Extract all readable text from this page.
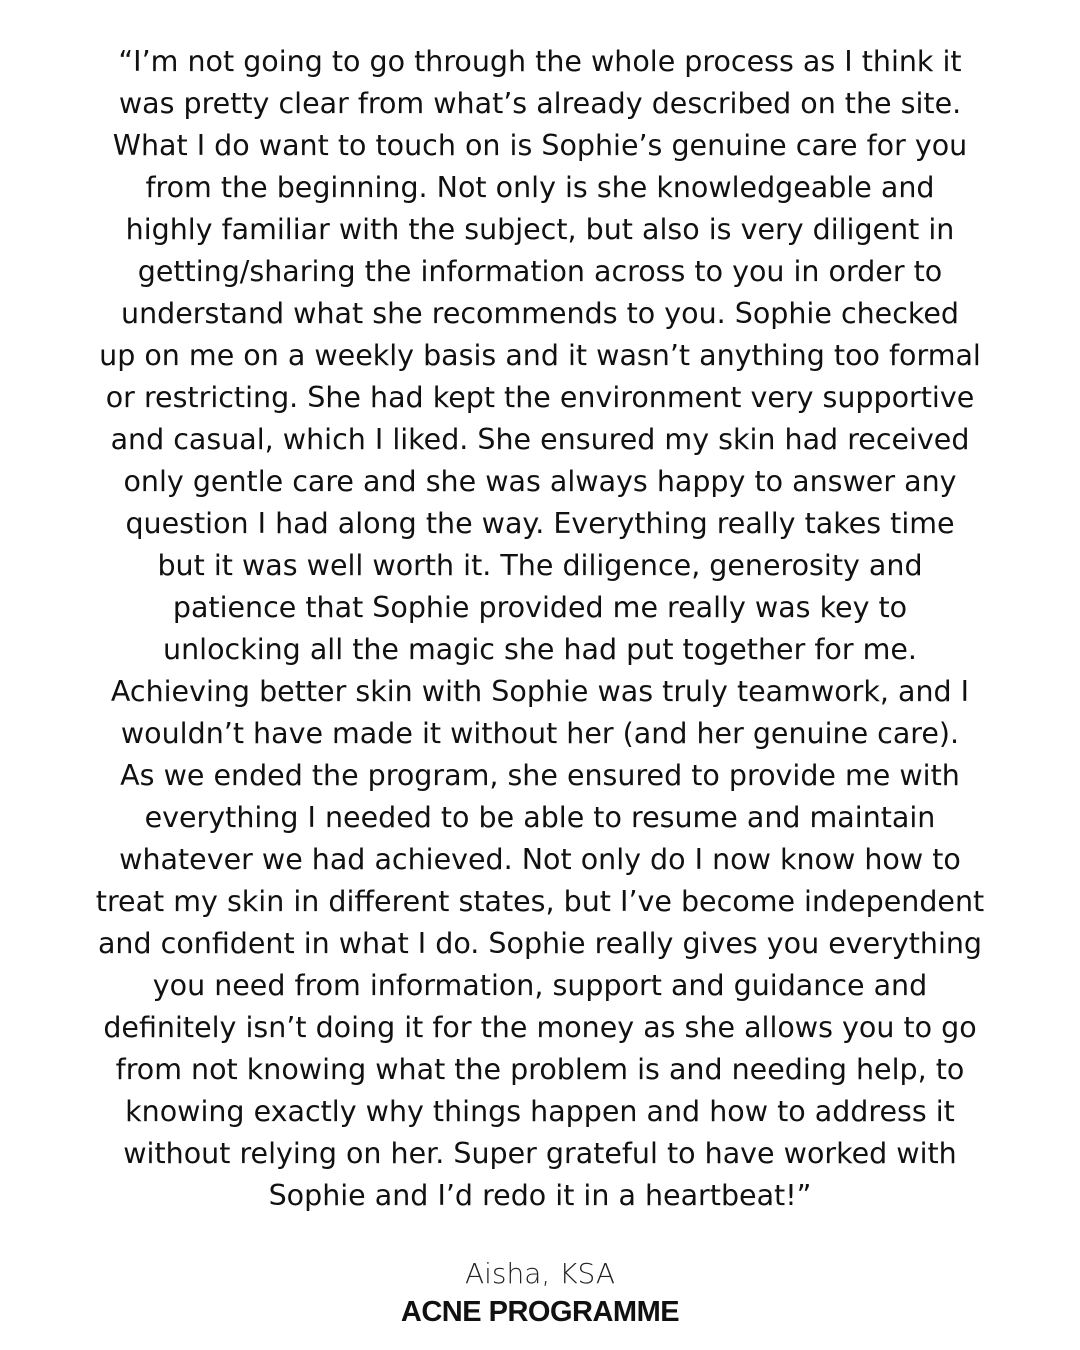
“I’m not going to go through the whole process as I think it
was pretty clear from what’s already described on the site.
What I do want to touch on is Sophie’s genuine care for you
from the beginning. Not only is she knowledgeable and
highly familiar with the subject, but also is very diligent in
getting/sharing the information across to you in order to
understand what she recommends to you. Sophie checked
up on me on a weekly basis and it wasn’t anything too formal
or restricting. She had kept the environment very supportive
and casual, which I liked. She ensured my skin had received
only gentle care and she was always happy to answer any
question I had along the way. Everything really takes time
but it was well worth it. The diligence, generosity and
patience that Sophie provided me really was key to
unlocking all the magic she had put together for me.
Achieving better skin with Sophie was truly teamwork, and I
wouldn’t have made it without her (and her genuine care).
As we ended the program, she ensured to provide me with
everything I needed to be able to resume and maintain
whatever we had achieved. Not only do I now know how to
treat my skin in different states, but I’ve become independent
and confident in what I do. Sophie really gives you everything
you need from information, support and guidance and
definitely isn’t doing it for the money as she allows you to go
from not knowing what the problem is and needing help, to
knowing exactly why things happen and how to address it
without relying on her. Super grateful to have worked with
Sophie and I’d redo it in a heartbeat!”

Aisha, KSA
ACNE PROGRAMME
